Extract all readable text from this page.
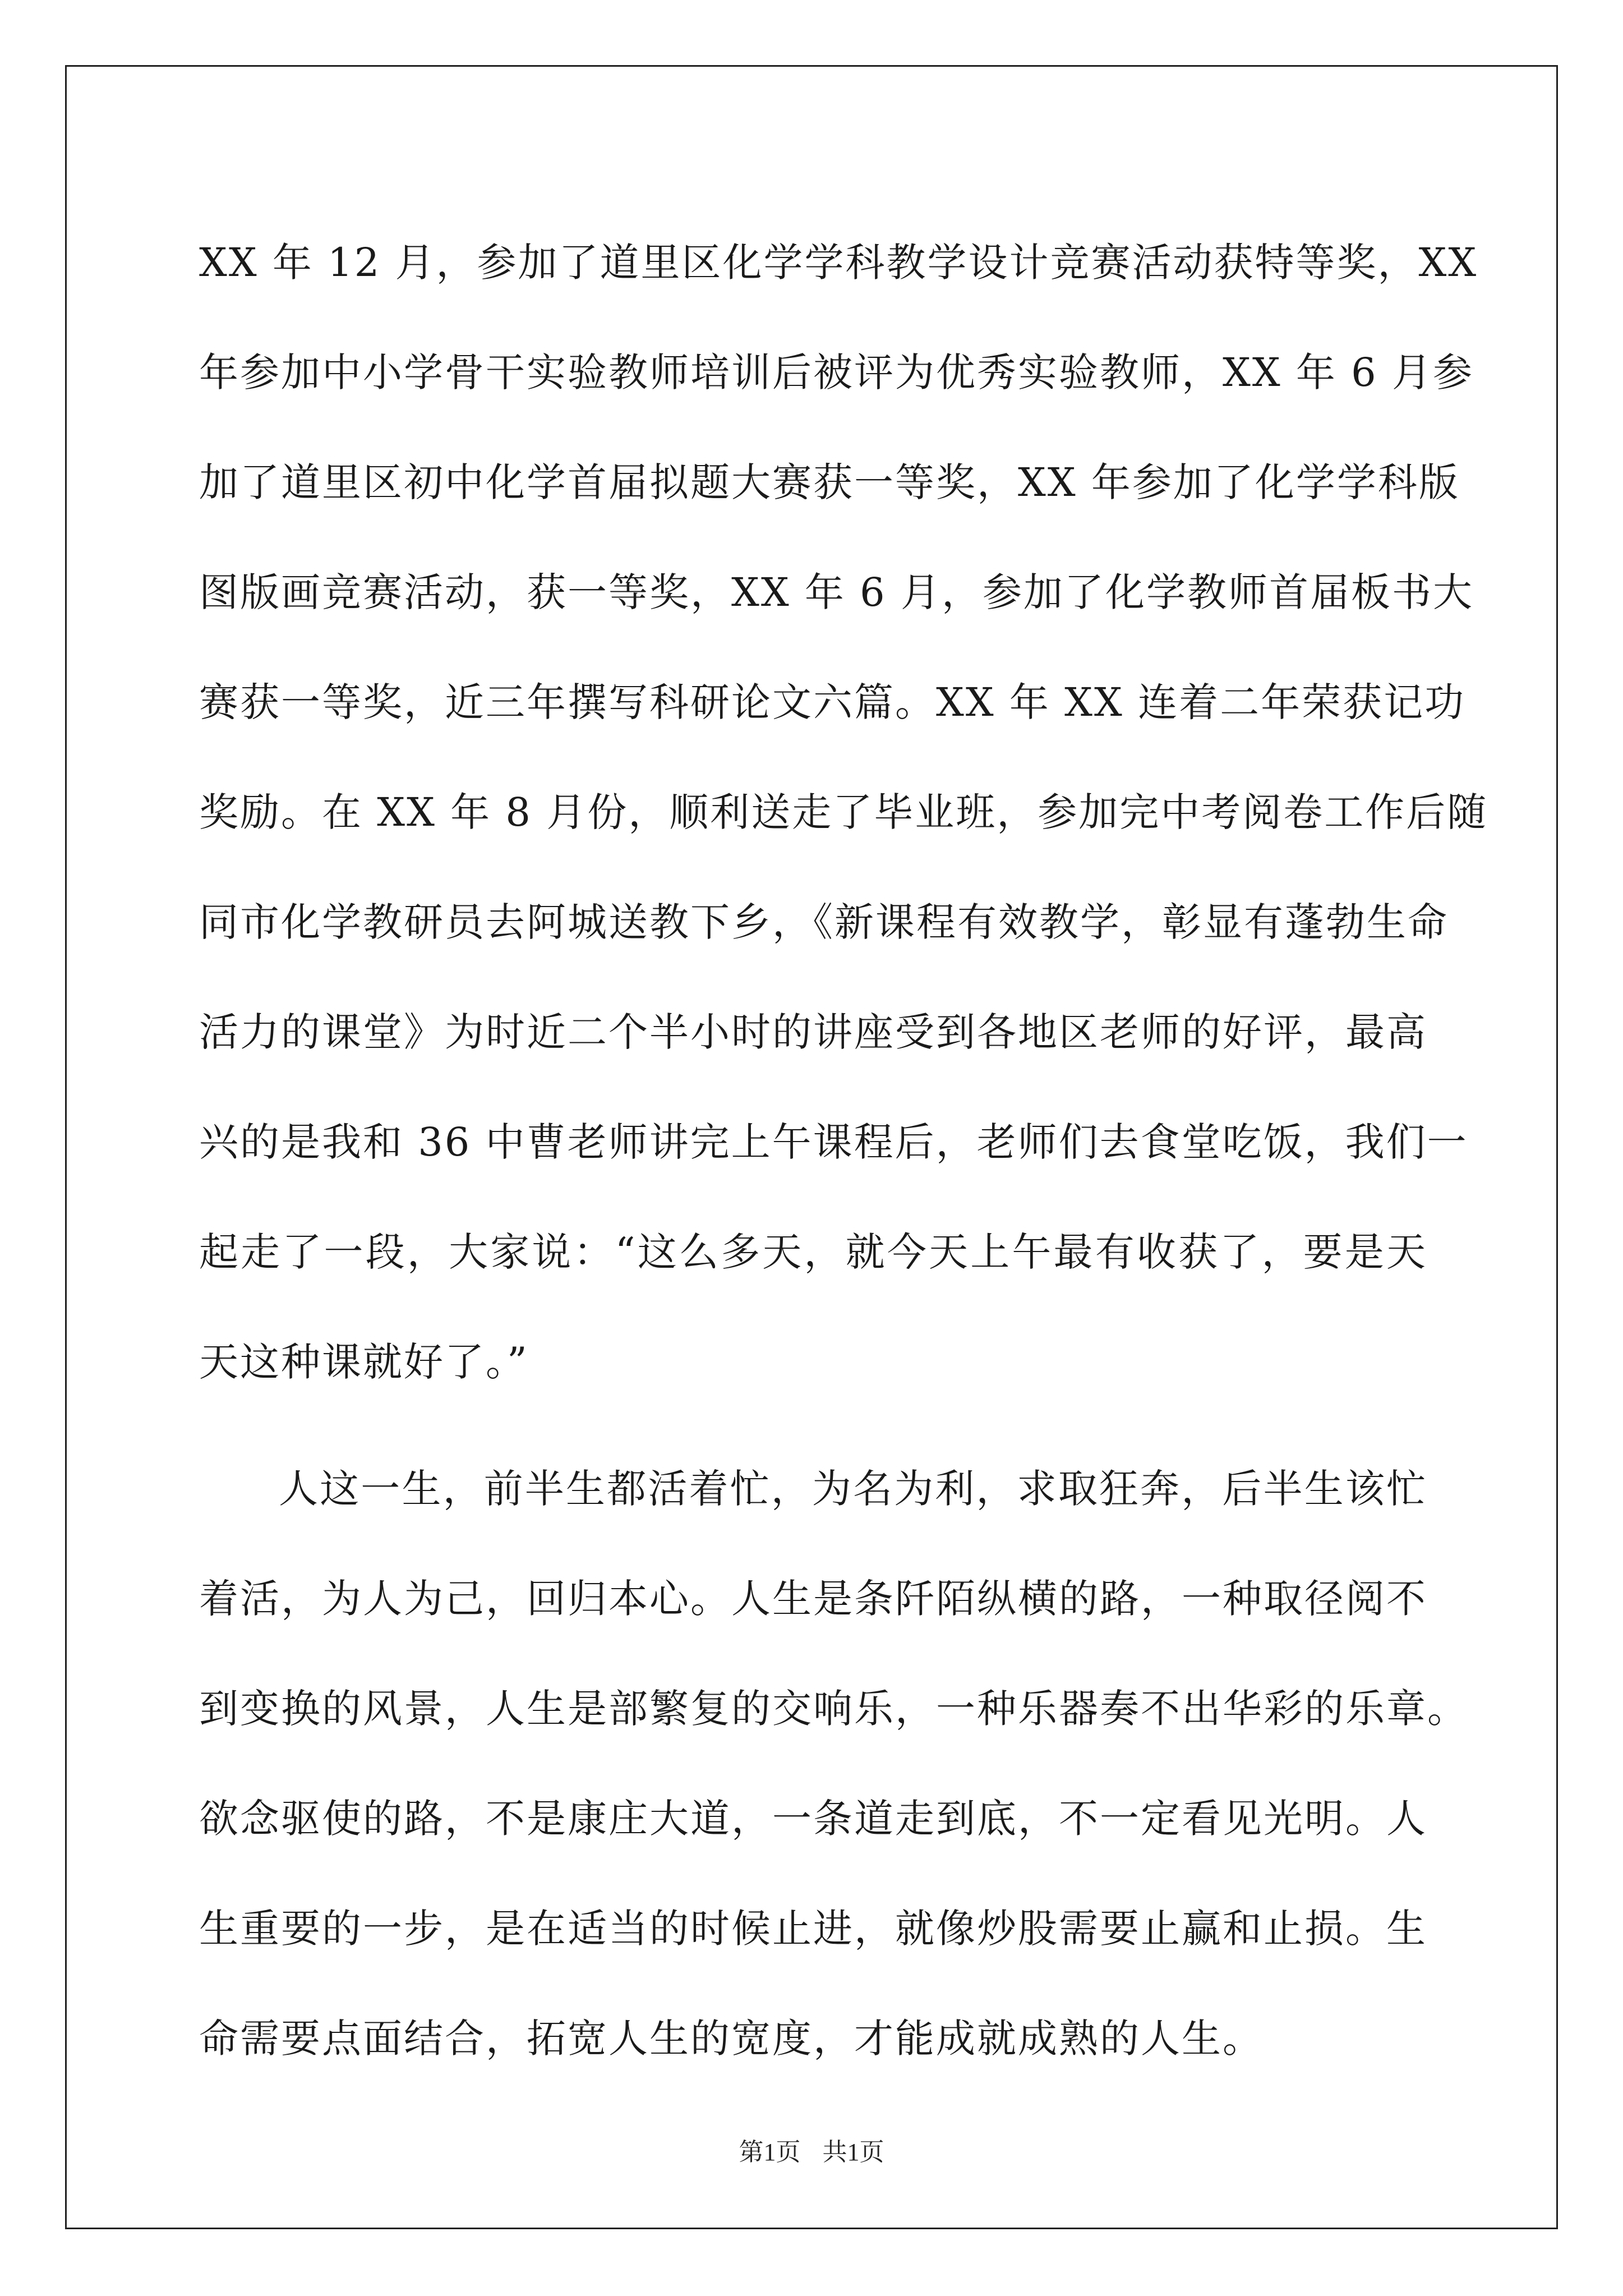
XX 年 12 月，参加了道里区化学学科教学设计竞赛活动获特等奖，XX
年参加中小学骨干实验教师培训后被评为优秀实验教师，XX 年 6 月参
加了道里区初中化学首届拟题大赛获一等奖，XX 年参加了化学学科版
图版画竞赛活动，获一等奖，XX 年 6 月，参加了化学教师首届板书大
赛获一等奖，近三年撰写科研论文六篇。XX 年 XX 连着二年荣获记功
奖励。在 XX 年 8 月份，顺利送走了毕业班，参加完中考阅卷工作后随
同市化学教研员去阿城送教下乡，《新课程有效教学，彰显有蓬勃生命
活力的课堂》为时近二个半小时的讲座受到各地区老师的好评，最高
兴的是我和 36 中曹老师讲完上午课程后，老师们去食堂吃饭，我们一
起走了一段，大家说：“这么多天，就今天上午最有收获了，要是天
天这种课就好了。”
人这一生，前半生都活着忙，为名为利，求取狂奔，后半生该忙
着活，为人为己，回归本心。人生是条阡陌纵横的路，一种取径阅不
到变换的风景，人生是部繁复的交响乐，一种乐器奏不出华彩的乐章。
欲念驱使的路，不是康庄大道，一条道走到底，不一定看见光明。人
生重要的一步，是在适当的时候止进，就像炒股需要止赢和止损。生
命需要点面结合，拓宽人生的宽度，才能成就成熟的人生。
第1页 共1页
